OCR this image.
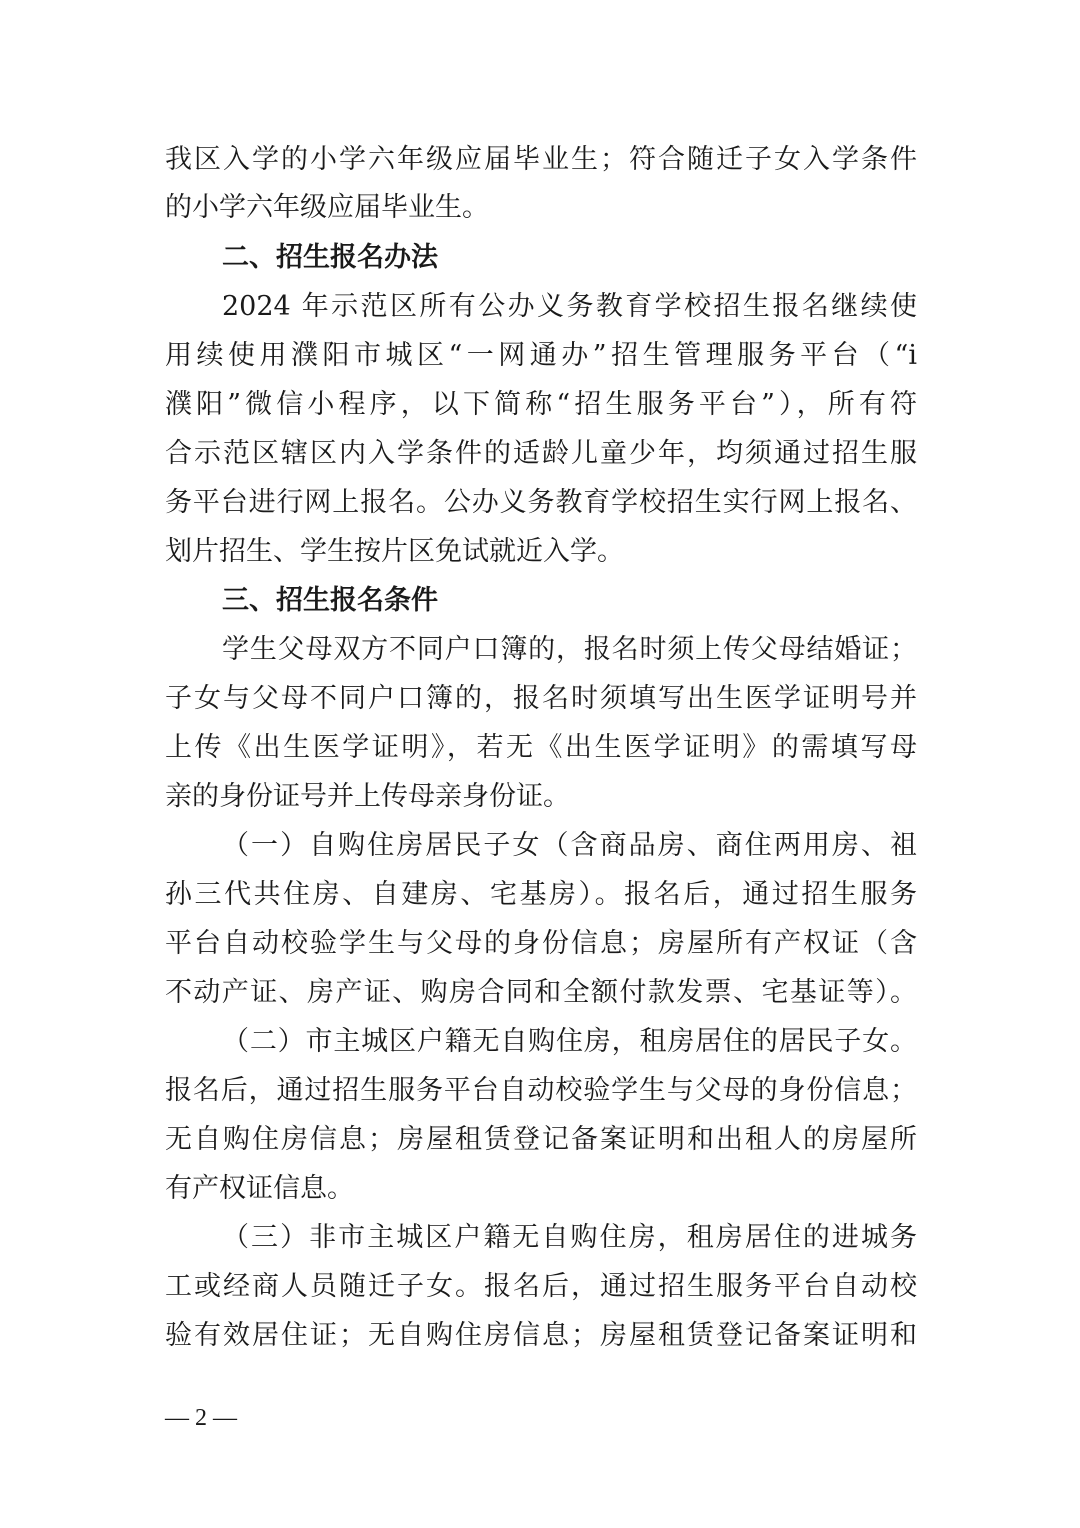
我区入学的小学六年级应届毕业生；符合随迁子女入学条件
的小学六年级应届毕业生。
二、招生报名办法
2024 年示范区所有公办义务教育学校招生报名继续使
用续使用濮阳市城区“一网通办”招生管理服务平台（“i
濮阳”微信小程序，以下简称“招生服务平台”），所有符
合示范区辖区内入学条件的适龄儿童少年，均须通过招生服
务平台进行网上报名。公办义务教育学校招生实行网上报名、
划片招生、学生按片区免试就近入学。
三、招生报名条件
学生父母双方不同户口簿的，报名时须上传父母结婚证；
子女与父母不同户口簿的，报名时须填写出生医学证明号并
上传《出生医学证明》，若无《出生医学证明》的需填写母
亲的身份证号并上传母亲身份证。
（一）自购住房居民子女（含商品房、商住两用房、祖
孙三代共住房、自建房、宅基房）。报名后，通过招生服务
平台自动校验学生与父母的身份信息；房屋所有产权证（含
不动产证、房产证、购房合同和全额付款发票、宅基证等）。
（二）市主城区户籍无自购住房，租房居住的居民子女。
报名后，通过招生服务平台自动校验学生与父母的身份信息；
无自购住房信息；房屋租赁登记备案证明和出租人的房屋所
有产权证信息。
（三）非市主城区户籍无自购住房，租房居住的进城务
工或经商人员随迁子女。报名后，通过招生服务平台自动校
验有效居住证；无自购住房信息；房屋租赁登记备案证明和
— 2 —
